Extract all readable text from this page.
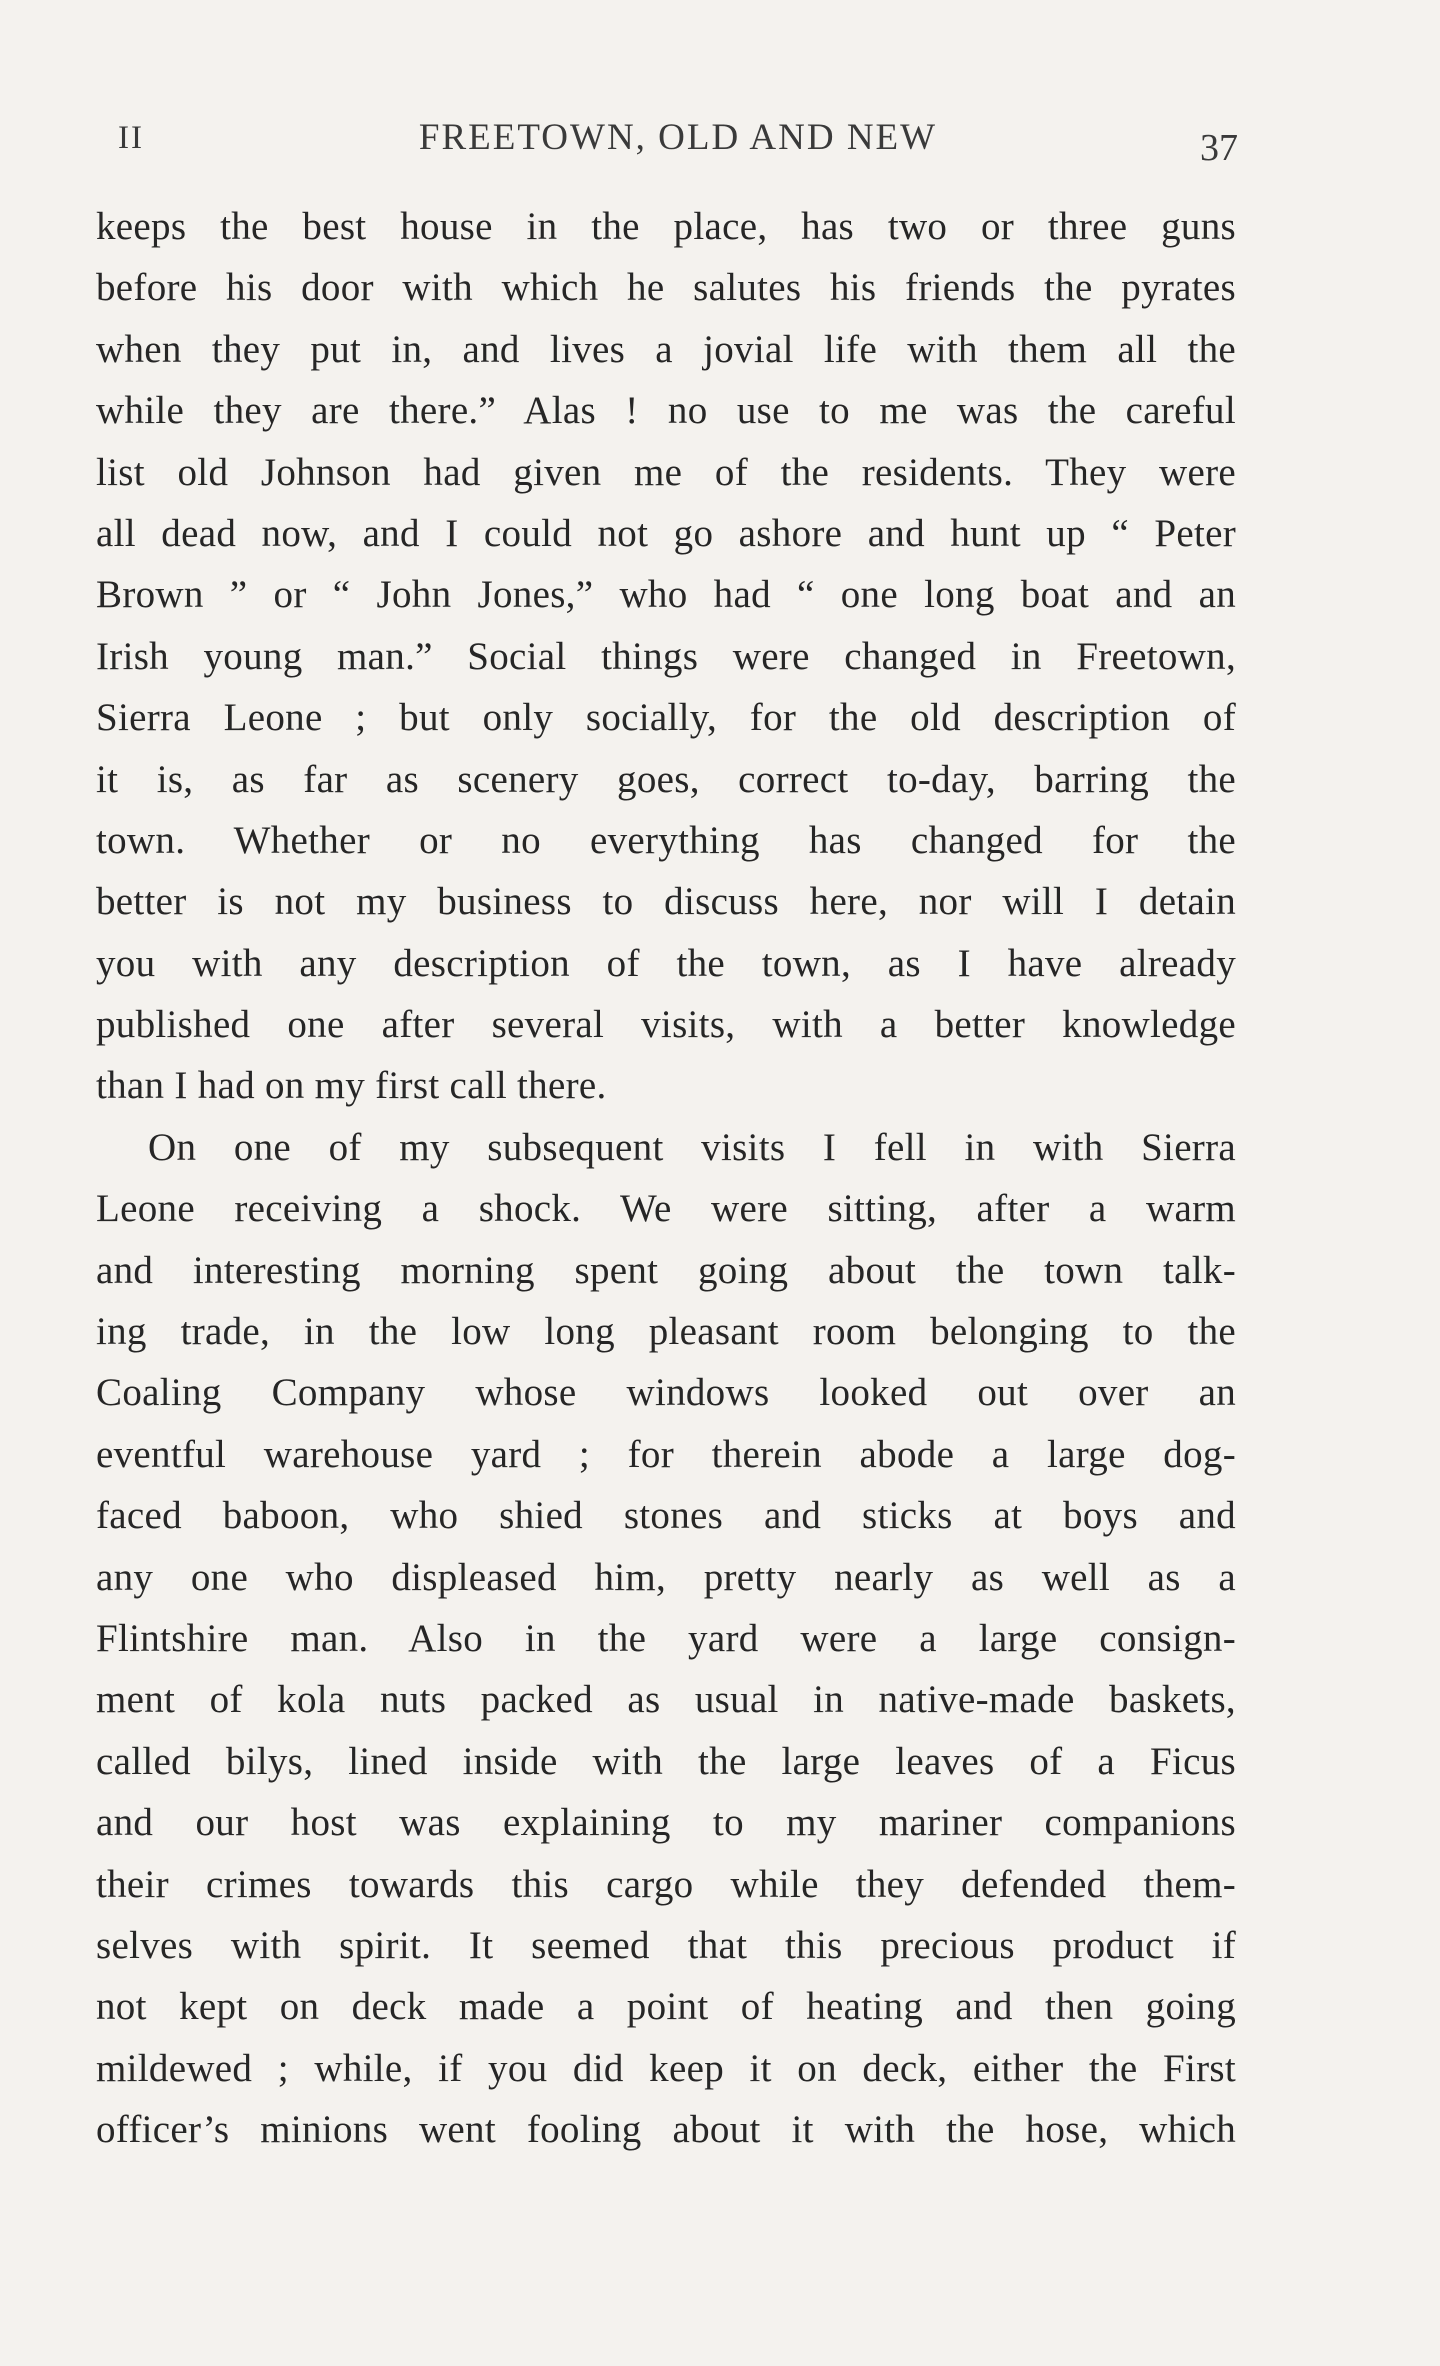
II	FREETOWN, OLD AND NEW	37
keeps the best house in the place, has two or three guns
before his door with which he salutes his friends the pyrates
when they put in, and lives a jovial life with them all the
while they are there.” Alas ! no use to me was the careful
list old Johnson had given me of the residents. They were
all dead now, and I could not go ashore and hunt up “ Peter
Brown ” or “ John Jones,” who had “ one long boat and an
Irish young man.” Social things were changed in Freetown,
Sierra Leone ; but only socially, for the old description of
it is, as far as scenery goes, correct to-day, barring the
town. Whether or no everything has changed for the
better is not my business to discuss here, nor will I detain
you with any description of the town, as I have already
published one after several visits, with a better knowledge
than I had on my first call there.
On one of my subsequent visits I fell in with Sierra
Leone receiving a shock. We were sitting, after a warm
and interesting morning spent going about the town talk-
ing trade, in the low long pleasant room belonging to the
Coaling Company whose windows looked out over an
eventful warehouse yard ; for therein abode a large dog-
faced baboon, who shied stones and sticks at boys and
any one who displeased him, pretty nearly as well as a
Flintshire man. Also in the yard were a large consign-
ment of kola nuts packed as usual in native-made baskets,
called bilys, lined inside with the large leaves of a Ficus
and our host was explaining to my mariner companions
their crimes towards this cargo while they defended them-
selves with spirit. It seemed that this precious product if
not kept on deck made a point of heating and then going
mildewed ; while, if you did keep it on deck, either the First
officer’s minions went fooling about it with the hose, which
